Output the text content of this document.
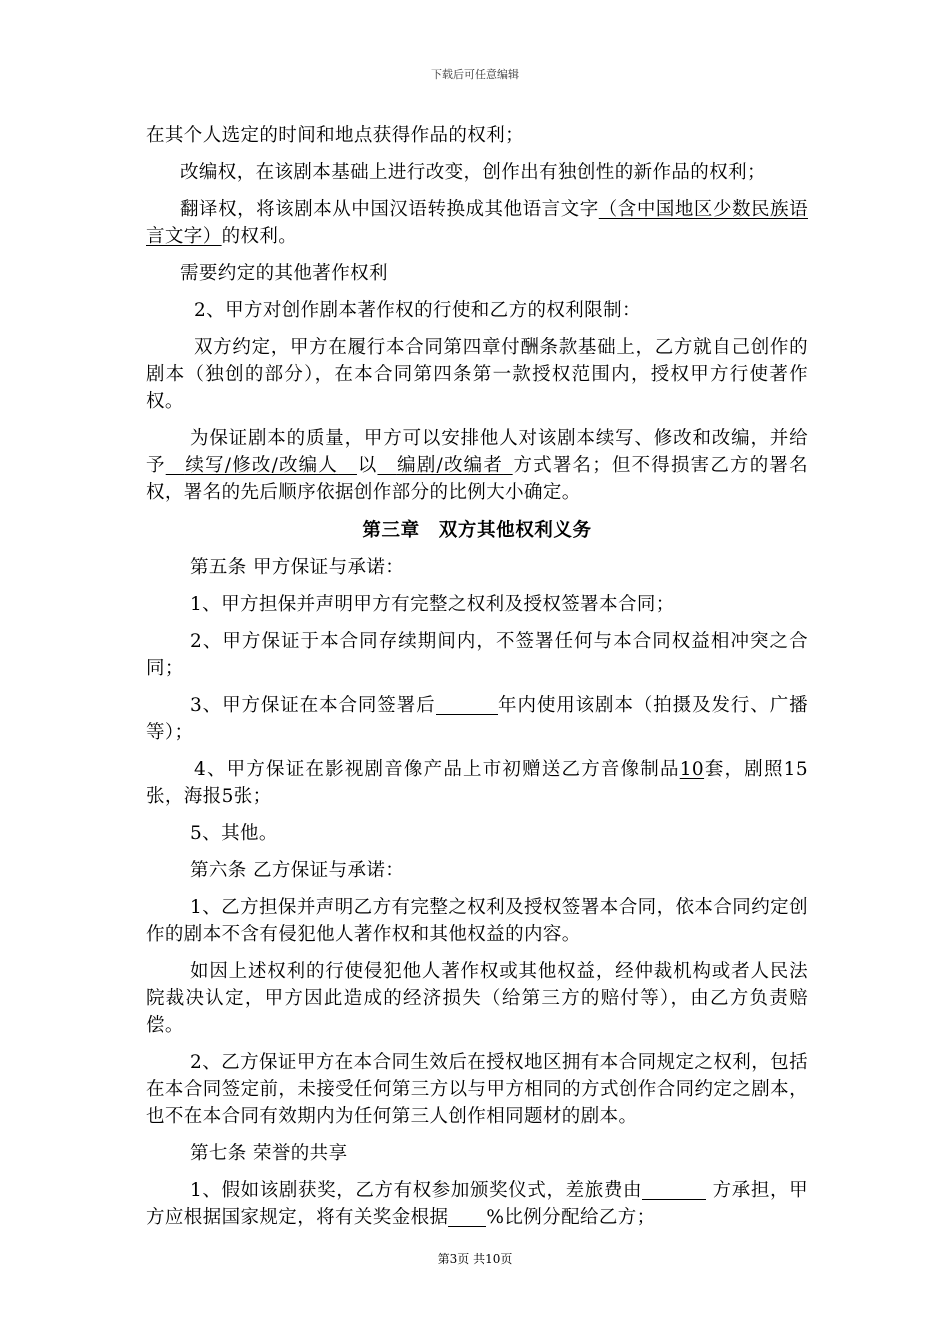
下载后可任意编辑

在其个人选定的时间和地点获得作品的权利；

改编权，在该剧本基础上进行改变，创作出有独创性的新作品的权利；

翻译权，将该剧本从中国汉语转换成其他语言文字（含中国地区少数民族语言文字）的权利。

需要约定的其他著作权利

2、甲方对创作剧本著作权的行使和乙方的权利限制：

双方约定，甲方在履行本合同第四章付酬条款基础上，乙方就自己创作的剧本（独创的部分），在本合同第四条第一款授权范围内，授权甲方行使著作权。

为保证剧本的质量，甲方可以安排他人对该剧本续写、修改和改编，并给予  续写/修改/改编人  以  编剧/改编者  方式署名；但不得损害乙方的署名权，署名的先后顺序依据创作部分的比例大小确定。

第三章　双方其他权利义务

第五条 甲方保证与承诺：

1、甲方担保并声明甲方有完整之权利及授权签署本合同；

2、甲方保证于本合同存续期间内，不签署任何与本合同权益相冲突之合同；

3、甲方保证在本合同签署后	年内使用该剧本（拍摄及发行、广播等）；

4、甲方保证在影视剧音像产品上市初赠送乙方音像制品10套，剧照15张，海报5张；

5、其他。

第六条 乙方保证与承诺：

1、乙方担保并声明乙方有完整之权利及授权签署本合同，依本合同约定创作的剧本不含有侵犯他人著作权和其他权益的内容。

如因上述权利的行使侵犯他人著作权或其他权益，经仲裁机构或者人民法院裁决认定，甲方因此造成的经济损失（给第三方的赔付等），由乙方负责赔偿。

2、乙方保证甲方在本合同生效后在授权地区拥有本合同规定之权利，包括在本合同签定前，未接受任何第三方以与甲方相同的方式创作合同约定之剧本，也不在本合同有效期内为任何第三人创作相同题材的剧本。

第七条 荣誉的共享

1、假如该剧获奖，乙方有权参加颁奖仪式，差旅费由	方承担，甲方应根据国家规定，将有关奖金根据 %比例分配给乙方；

第3页 共10页
